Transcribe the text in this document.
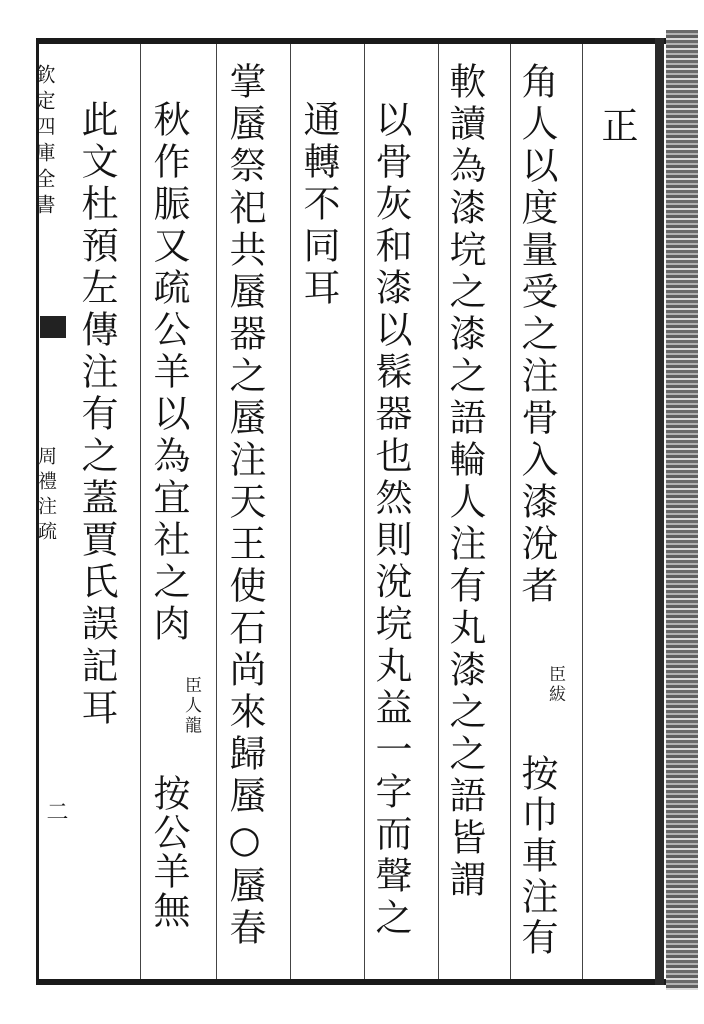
欽定四庫全書
周禮注疏
二
正
角人以度量受之注骨入漆涗者
臣紱
按巾車注有
軟讀為漆垸之漆之語輪人注有丸漆之之語皆謂
以骨灰和漆以髹器也然則涗垸丸益一字而聲之
通轉不同耳
掌蜃祭祀共蜃器之蜃注天王使石尚來歸蜃○蜃春
秋作脤又疏公羊以為宜社之肉
臣人龍
按公羊無
此文杜預左傳注有之蓋賈氏誤記耳
